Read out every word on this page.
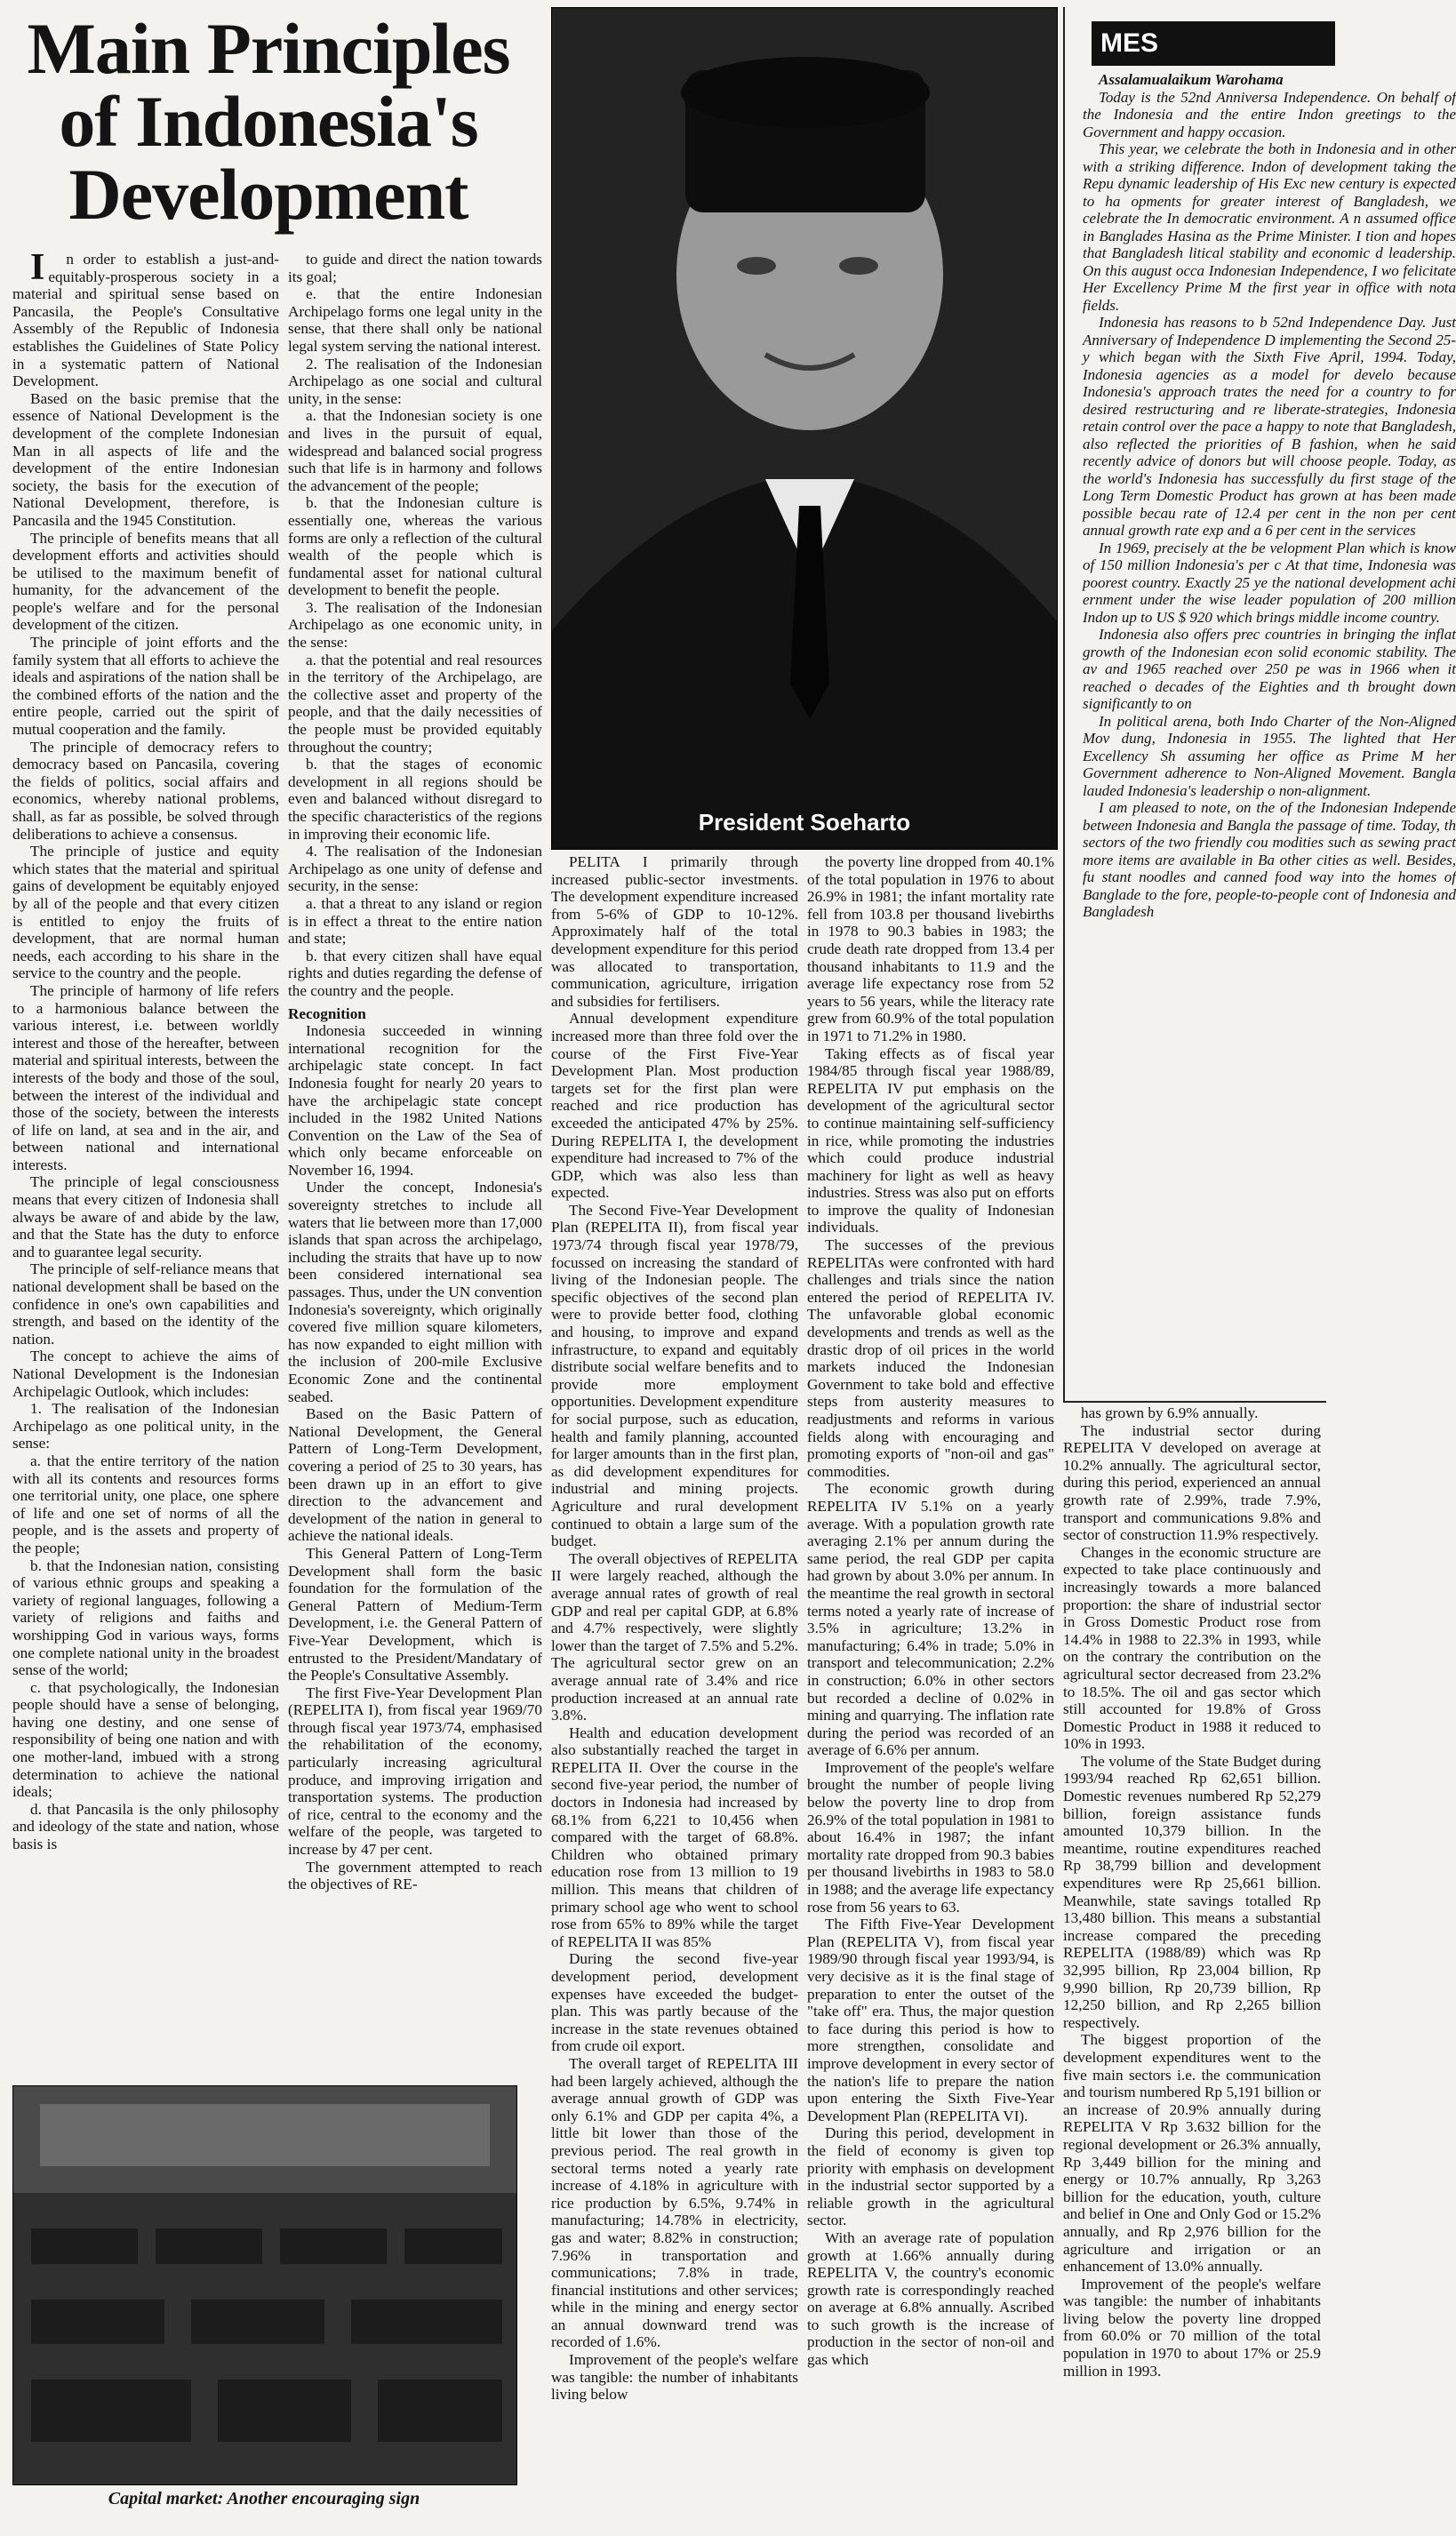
Main Principles of Indonesia's Development

In order to establish a just-and-equitably-prosperous society in a material and spiritual sense based on Pancasila, the People's Consultative Assembly of the Republic of Indonesia establishes the Guidelines of State Policy in a systematic pattern of National Development.

Based on the basic premise that the essence of National Development is the development of the complete Indonesian Man in all aspects of life and the development of the entire Indonesian society, the basis for the execution of National Development, therefore, is Pancasila and the 1945 Constitution.

The principle of benefits means that all development efforts and activities should be utilised to the maximum benefit of humanity, for the advancement of the people's welfare and for the personal development of the citizen.

The principle of joint efforts and the family system that all efforts to achieve the ideals and aspirations of the nation shall be the combined efforts of the nation and the entire people, carried out the spirit of mutual cooperation and the family.

The principle of democracy refers to democracy based on Pancasila, covering the fields of politics, social affairs and economics, whereby national problems, shall, as far as possible, be solved through deliberations to achieve a consensus.

The principle of justice and equity which states that the material and spiritual gains of development be equitably enjoyed by all of the people and that every citizen is entitled to enjoy the fruits of development, that are normal human needs, each according to his share in the service to the country and the people.

The principle of harmony of life refers to a harmonious balance between the various interest, i.e. between worldly interest and those of the hereafter, between material and spiritual interests, between the interests of the body and those of the soul, between the interest of the individual and those of the society, between the interests of life on land, at sea and in the air, and between national and international interests.

The principle of legal consciousness means that every citizen of Indonesia shall always be aware of and abide by the law, and that the State has the duty to enforce and to guarantee legal security.

The principle of self-reliance means that national development shall be based on the confidence in one's own capabilities and strength, and based on the identity of the nation.

The concept to achieve the aims of National Development is the Indonesian Archipelagic Outlook, which includes:

1. The realisation of the Indonesian Archipelago as one political unity, in the sense:

a. that the entire territory of the nation with all its contents and resources forms one territorial unity, one place, one sphere of life and one set of norms of all the people, and is the assets and property of the people;

b. that the Indonesian nation, consisting of various ethnic groups and speaking a variety of regional languages, following a variety of religions and faiths and worshipping God in various ways, forms one complete national unity in the broadest sense of the world;

c. that psychologically, the Indonesian people should have a sense of belonging, having one destiny, and one sense of responsibility of being one nation and with one mother-land, imbued with a strong determination to achieve the national ideals;

d. that Pancasila is the only philosophy and ideology of the state and nation, whose basis is

to guide and direct the nation towards its goal;

e. that the entire Indonesian Archipelago forms one legal unity in the sense, that there shall only be national legal system serving the national interest.

2. The realisation of the Indonesian Archipelago as one social and cultural unity, in the sense:

a. that the Indonesian society is one and lives in the pursuit of equal, widespread and balanced social progress such that life is in harmony and follows the advancement of the people;

b. that the Indonesian culture is essentially one, whereas the various forms are only a reflection of the cultural wealth of the people which is fundamental asset for national cultural development to benefit the people.

3. The realisation of the Indonesian Archipelago as one economic unity, in the sense:

a. that the potential and real resources in the territory of the Archipelago, are the collective asset and property of the people, and that the daily necessities of the people must be provided equitably throughout the country;

b. that the stages of economic development in all regions should be even and balanced without disregard to the specific characteristics of the regions in improving their economic life.

4. The realisation of the Indonesian Archipelago as one unity of defense and security, in the sense:

a. that a threat to any island or region is in effect a threat to the entire nation and state;

b. that every citizen shall have equal rights and duties regarding the defense of the country and the people.

Recognition

Indonesia succeeded in winning international recognition for the archipelagic state concept. In fact Indonesia fought for nearly 20 years to have the archipelagic state concept included in the 1982 United Nations Convention on the Law of the Sea of which only became enforceable on November 16, 1994.

Under the concept, Indonesia's sovereignty stretches to include all waters that lie between more than 17,000 islands that span across the archipelago, including the straits that have up to now been considered international sea passages. Thus, under the UN convention Indonesia's sovereignty, which originally covered five million square kilometers, has now expanded to eight million with the inclusion of 200-mile Exclusive Economic Zone and the continental seabed.

Based on the Basic Pattern of National Development, the General Pattern of Long-Term Development, covering a period of 25 to 30 years, has been drawn up in an effort to give direction to the advancement and development of the nation in general to achieve the national ideals.

This General Pattern of Long-Term Development shall form the basic foundation for the formulation of the General Pattern of Medium-Term Development, i.e. the General Pattern of Five-Year Development, which is entrusted to the President/Mandatary of the People's Consultative Assembly.

The first Five-Year Development Plan (REPELITA I), from fiscal year 1969/70 through fiscal year 1973/74, emphasised the rehabilitation of the economy, particularly increasing agricultural produce, and improving irrigation and transportation systems. The production of rice, central to the economy and the welfare of the people, was targeted to increase by 47 per cent.

The government attempted to reach the objectives of RE-

President Soeharto
MES

Assalamualaikum Warohama

Today is the 52nd Anniversa Independence. On behalf of the Indonesia and the entire Indon greetings to the Government and happy occasion.

This year, we celebrate the both in Indonesia and in other with a striking difference. Indon of development taking the Repu dynamic leadership of His Exc new century is expected to ha opments for greater interest of Bangladesh, we celebrate the In democratic environment. A n assumed office in Banglades Hasina as the Prime Minister. I tion and hopes that Bangladesh litical stability and economic d leadership. On this august occa Indonesian Independence, I wo felicitate Her Excellency Prime M the first year in office with nota fields.

Indonesia has reasons to b 52nd Independence Day. Just Anniversary of Independence D implementing the Second 25-y which began with the Sixth Five April, 1994. Today, Indonesia agencies as a model for develo because Indonesia's approach trates the need for a country to for desired restructuring and re liberate-strategies, Indonesia retain control over the pace a happy to note that Bangladesh, also reflected the priorities of B fashion, when he said recently advice of donors but will choose people. Today, as the world's Indonesia has successfully du first stage of the Long Term Domestic Product has grown at has been made possible becau rate of 12.4 per cent in the non per cent annual growth rate exp and a 6 per cent in the services

In 1969, precisely at the be velopment Plan which is know of 150 million Indonesia's per c At that time, Indonesia was poorest country. Exactly 25 ye the national development achi ernment under the wise leader population of 200 million Indon up to US $ 920 which brings middle income country.

Indonesia also offers prec countries in bringing the inflat growth of the Indonesian econ solid economic stability. The av and 1965 reached over 250 pe was in 1966 when it reached o decades of the Eighties and th brought down significantly to on

In political arena, both Indo Charter of the Non-Aligned Mov dung, Indonesia in 1955. The lighted that Her Excellency Sh assuming her office as Prime M her Government adherence to Non-Aligned Movement. Bangla lauded Indonesia's leadership o non-alignment.

I am pleased to note, on the of the Indonesian Independe between Indonesia and Bangla the passage of time. Today, th sectors of the two friendly cou modities such as sewing pract more items are available in Ba other cities as well. Besides, fu stant noodles and canned food way into the homes of Banglade to the fore, people-to-people cont of Indonesia and Bangladesh

PELITA I primarily through increased public-sector investments. The development expenditure increased from 5-6% of GDP to 10-12%. Approximately half of the total development expenditure for this period was allocated to transportation, communication, agriculture, irrigation and subsidies for fertilisers.

Annual development expenditure increased more than three fold over the course of the First Five-Year Development Plan. Most production targets set for the first plan were reached and rice production has exceeded the anticipated 47% by 25%. During REPELITA I, the development expenditure had increased to 7% of the GDP, which was also less than expected.

The Second Five-Year Development Plan (REPELITA II), from fiscal year 1973/74 through fiscal year 1978/79, focussed on increasing the standard of living of the Indonesian people. The specific objectives of the second plan were to provide better food, clothing and housing, to improve and expand infrastructure, to expand and equitably distribute social welfare benefits and to provide more employment opportunities. Development expenditure for social purpose, such as education, health and family planning, accounted for larger amounts than in the first plan, as did development expenditures for industrial and mining projects. Agriculture and rural development continued to obtain a large sum of the budget.

The overall objectives of REPELITA II were largely reached, although the average annual rates of growth of real GDP and real per capital GDP, at 6.8% and 4.7% respectively, were slightly lower than the target of 7.5% and 5.2%. The agricultural sector grew on an average annual rate of 3.4% and rice production increased at an annual rate 3.8%.

Health and education development also substantially reached the target in REPELITA II. Over the course in the second five-year period, the number of doctors in Indonesia had increased by 68.1% from 6,221 to 10,456 when compared with the target of 68.8%. Children who obtained primary education rose from 13 million to 19 million. This means that children of primary school age who went to school rose from 65% to 89% while the target of REPELITA II was 85%

During the second five-year development period, development expenses have exceeded the budget-plan. This was partly because of the increase in the state revenues obtained from crude oil export.

The overall target of REPELITA III had been largely achieved, although the average annual growth of GDP was only 6.1% and GDP per capita 4%, a little bit lower than those of the previous period. The real growth in sectoral terms noted a yearly rate increase of 4.18% in agriculture with rice production by 6.5%, 9.74% in manufacturing; 14.78% in electricity, gas and water; 8.82% in construction; 7.96% in transportation and communications; 7.8% in trade, financial institutions and other services; while in the mining and energy sector an annual downward trend was recorded of 1.6%.

Improvement of the people's welfare was tangible: the number of inhabitants living below

the poverty line dropped from 40.1% of the total population in 1976 to about 26.9% in 1981; the infant mortality rate fell from 103.8 per thousand livebirths in 1978 to 90.3 babies in 1983; the crude death rate dropped from 13.4 per thousand inhabitants to 11.9 and the average life expectancy rose from 52 years to 56 years, while the literacy rate grew from 60.9% of the total population in 1971 to 71.2% in 1980.

Taking effects as of fiscal year 1984/85 through fiscal year 1988/89, REPELITA IV put emphasis on the development of the agricultural sector to continue maintaining self-sufficiency in rice, while promoting the industries which could produce industrial machinery for light as well as heavy industries. Stress was also put on efforts to improve the quality of Indonesian individuals.

The successes of the previous REPELITAs were confronted with hard challenges and trials since the nation entered the period of REPELITA IV. The unfavorable global economic developments and trends as well as the drastic drop of oil prices in the world markets induced the Indonesian Government to take bold and effective steps from austerity measures to readjustments and reforms in various fields along with encouraging and promoting exports of "non-oil and gas" commodities.

The economic growth during REPELITA IV 5.1% on a yearly average. With a population growth rate averaging 2.1% per annum during the same period, the real GDP per capita had grown by about 3.0% per annum. In the meantime the real growth in sectoral terms noted a yearly rate of increase of 3.5% in agriculture; 13.2% in manufacturing; 6.4% in trade; 5.0% in transport and telecommunication; 2.2% in construction; 6.0% in other sectors but recorded a decline of 0.02% in mining and quarrying. The inflation rate during the period was recorded of an average of 6.6% per annum.

Improvement of the people's welfare brought the number of people living below the poverty line to drop from 26.9% of the total population in 1981 to about 16.4% in 1987; the infant mortality rate dropped from 90.3 babies per thousand livebirths in 1983 to 58.0 in 1988; and the average life expectancy rose from 56 years to 63.

The Fifth Five-Year Development Plan (REPELITA V), from fiscal year 1989/90 through fiscal year 1993/94, is very decisive as it is the final stage of preparation to enter the outset of the "take off" era. Thus, the major question to face during this period is how to more strengthen, consolidate and improve development in every sector of the nation's life to prepare the nation upon entering the Sixth Five-Year Development Plan (REPELITA VI).

During this period, development in the field of economy is given top priority with emphasis on development in the industrial sector supported by a reliable growth in the agricultural sector.

With an average rate of population growth at 1.66% annually during REPELITA V, the country's economic growth rate is correspondingly reached on average at 6.8% annually. Ascribed to such growth is the increase of production in the sector of non-oil and gas which

has grown by 6.9% annually.

The industrial sector during REPELITA V developed on average at 10.2% annually. The agricultural sector, during this period, experienced an annual growth rate of 2.99%, trade 7.9%, transport and communications 9.8% and sector of construction 11.9% respectively.

Changes in the economic structure are expected to take place continuously and increasingly towards a more balanced proportion: the share of industrial sector in Gross Domestic Product rose from 14.4% in 1988 to 22.3% in 1993, while on the contrary the contribution on the agricultural sector decreased from 23.2% to 18.5%. The oil and gas sector which still accounted for 19.8% of Gross Domestic Product in 1988 it reduced to 10% in 1993.

The volume of the State Budget during 1993/94 reached Rp 62,651 billion. Domestic revenues numbered Rp 52,279 billion, foreign assistance funds amounted 10,379 billion. In the meantime, routine expenditures reached Rp 38,799 billion and development expenditures were Rp 25,661 billion. Meanwhile, state savings totalled Rp 13,480 billion. This means a substantial increase compared the preceding REPELITA (1988/89) which was Rp 32,995 billion, Rp 23,004 billion, Rp 9,990 billion, Rp 20,739 billion, Rp 12,250 billion, and Rp 2,265 billion respectively.

The biggest proportion of the development expenditures went to the five main sectors i.e. the communication and tourism numbered Rp 5,191 billion or an increase of 20.9% annually during REPELITA V Rp 3.632 billion for the regional development or 26.3% annually, Rp 3,449 billion for the mining and energy or 10.7% annually, Rp 3,263 billion for the education, youth, culture and belief in One and Only God or 15.2% annually, and Rp 2,976 billion for the agriculture and irrigation or an enhancement of 13.0% annually.

Improvement of the people's welfare was tangible: the number of inhabitants living below the poverty line dropped from 60.0% or 70 million of the total population in 1970 to about 17% or 25.9 million in 1993.

Capital market: Another encouraging sign
